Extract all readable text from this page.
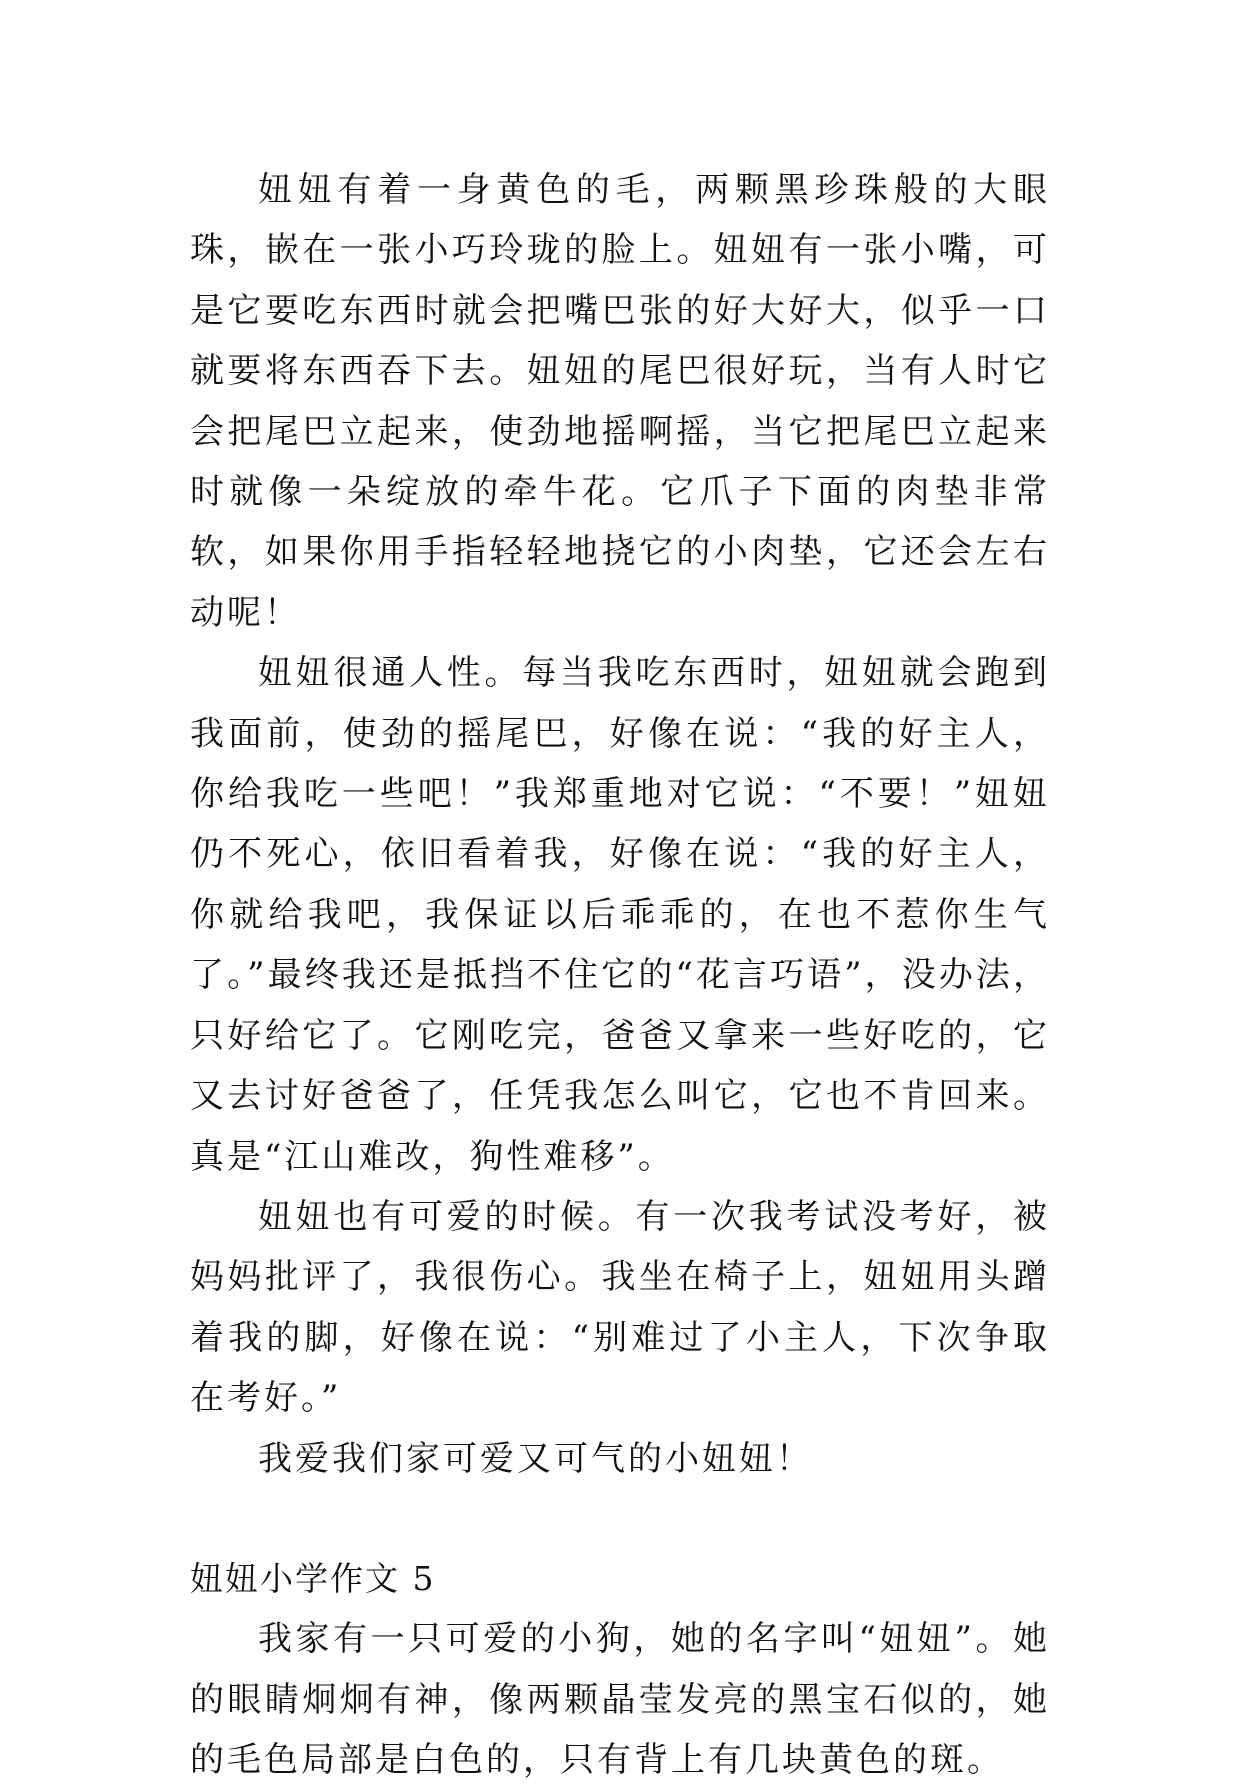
妞妞有着一身黄色的毛，两颗黑珍珠般的大眼珠，嵌在一张小巧玲珑的脸上。妞妞有一张小嘴，可是它要吃东西时就会把嘴巴张的好大好大，似乎一口就要将东西吞下去。妞妞的尾巴很好玩，当有人时它会把尾巴立起来，使劲地摇啊摇，当它把尾巴立起来时就像一朵绽放的牵牛花。它爪子下面的肉垫非常软，如果你用手指轻轻地挠它的小肉垫，它还会左右动呢！

妞妞很通人性。每当我吃东西时，妞妞就会跑到我面前，使劲的摇尾巴，好像在说：“我的好主人，你给我吃一些吧！”我郑重地对它说：“不要！”妞妞仍不死心，依旧看着我，好像在说：“我的好主人，你就给我吧，我保证以后乖乖的，在也不惹你生气了。”最终我还是抵挡不住它的“花言巧语”，没办法，只好给它了。它刚吃完，爸爸又拿来一些好吃的，它又去讨好爸爸了，任凭我怎么叫它，它也不肯回来。真是“江山难改，狗性难移”。

妞妞也有可爱的时候。有一次我考试没考好，被妈妈批评了，我很伤心。我坐在椅子上，妞妞用头蹭着我的脚，好像在说：“别难过了小主人，下次争取在考好。”

我爱我们家可爱又可气的小妞妞！

妞妞小学作文 5

我家有一只可爱的小狗，她的名字叫“妞妞”。她的眼睛炯炯有神，像两颗晶莹发亮的黑宝石似的，她的毛色局部是白色的，只有背上有几块黄色的斑。
